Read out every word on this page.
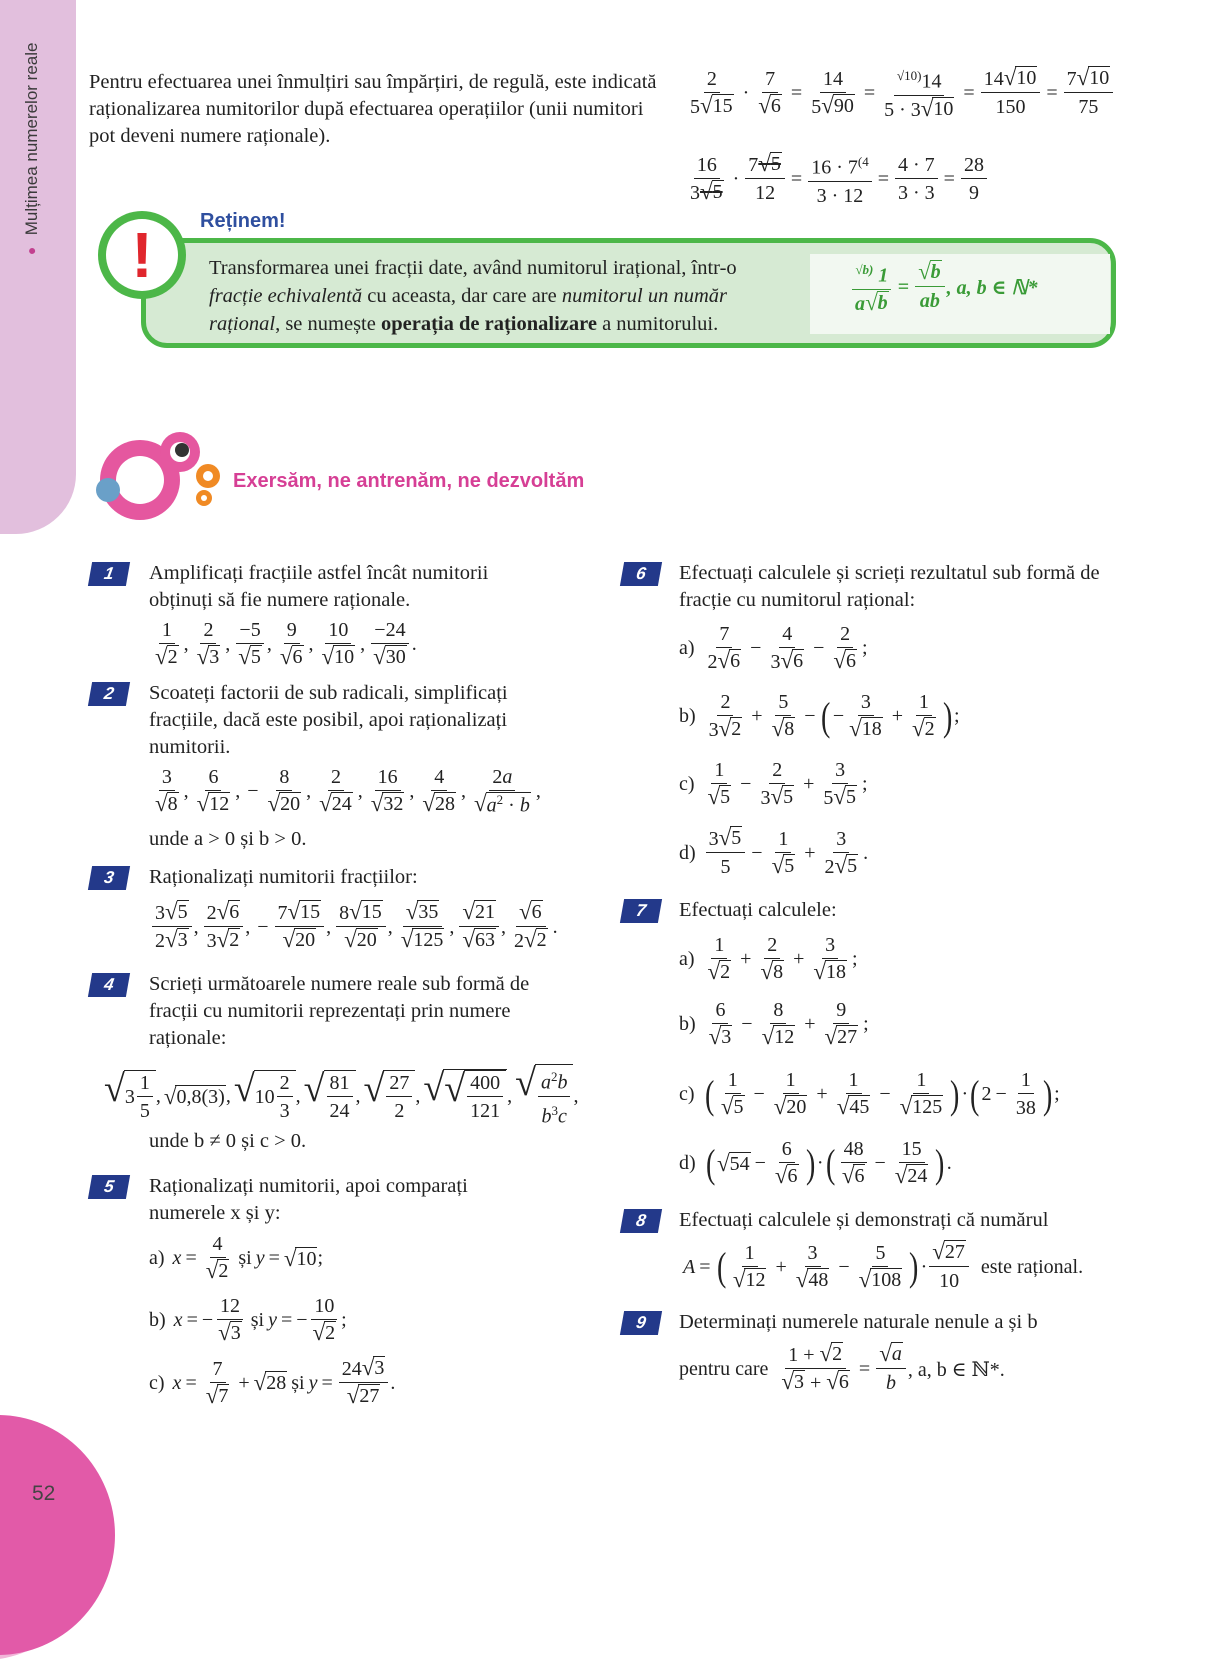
● Mulțimea numerelor reale
52
Pentru efectuarea unei înmulțiri sau împărțiri, de regulă, este indicată raționalizarea numitorilor după efectuarea operațiilor (unii numitori pot deveni numere raționale).
2
5 √ 15
· $\frac{7}{√ 6} = \frac{14}{5 √ 90} = \frac{^{√10)}14}{5 \cdot 3 √ 10} = \frac{14 √ 10}{150} = \frac{7 √ 10}{75}$
16
3 √ 5
· $\frac{7 √ 5}{12} = \frac{16 \cdot 7^{(4}}{3 \cdot 12} = \frac{4 \cdot 7}{3 \cdot 3} = \frac{28}{9}$
Reținem!
!	Transformarea unei fracții date, având numitorul irațional, într-o fracție echivalentă cu aceasta, dar care are numitorul un număr rațional, se numește operația de raționalizare a numitorului.
$\frac{^{√b)} 1}{a √ b} = \frac{√ b}{ab}$ , a, b ∈ ℕ*
Exersăm, ne antrenăm, ne dezvoltăm
1	Amplificați fracțiile astfel încât numitorii obținuți să fie numere raționale.
1
√ 2
,
2
√ 3
,
−5
√ 5
,
9
√ 6
,
10
√ 10
,
−24
√ 30
.
2	Scoateți factorii de sub radicali, simplificați fracțiile, dacă este posibil, apoi raționalizați numitorii.
3
√ 8
,
6
√ 12
, − $\frac{8}{√ 20}$ ,
2
√ 24
,
16
√ 32
,
4
√ 28
,
2a
√ $a^2 \cdot b$
,
unde a > 0 și b > 0.
3	Raționalizați numitorii fracțiilor:
3 √ 5
2 √ 3
,
2 √ 6
3 √ 2
, − $\frac{7 √ 15}{√ 20}$ ,
8 √ 15
√ 20
,
√ 35
√ 125
,
√ 21
√ 63
,
√ 6
2 √ 2
.
4	Scrieți următoarele numere reale sub formă de fracții cu numitorii reprezentați prin numere raționale:
√ 3
1
5
, √ 0,8(3) , √ 10
2
3
, √ $\frac{81}{24}$ , √ $\frac{27}{2}$ , √ √ $\frac{400}{121}$ , √ $\frac{a^2b}{b^3c}$ ,
unde b ≠ 0 și c > 0.
5	Raționalizați numitorii, apoi comparați numerele x și y:
a) $x = \frac{4}{√ 2}$ și y = √ 10 ;
b) x = − $\frac{12}{√ 3}$ și y = − $\frac{10}{√ 2}$ ;
c) $x = \frac{7}{√ 7}$ + √ 28 și $y = \frac{24 √ 3}{√ 27}$ .
6	Efectuați calculele și scrieți rezultatul sub formă de fracție cu numitorul rațional:
a)
7
2 √ 6
− $\frac{4}{3 √ 6} - \frac{2}{√ 6}$ ;
b)
2
3 √ 2
+ $\frac{5}{√ 8}$ − ( − $\frac{3}{√ 18} + \frac{1}{√ 2}$ ) ;
c)
1
√ 5
− $\frac{2}{3 √ 5} + \frac{3}{5 √ 5}$ ;
d)
3 √ 5
5
− $\frac{1}{√ 5} + \frac{3}{2 √ 5}$ .
7	Efectuați calculele:
a)
1
√ 2
+ $\frac{2}{√ 8} + \frac{3}{√ 18}$ ;
b)
6
√ 3
− $\frac{8}{√ 12} + \frac{9}{√ 27}$ ;
c) ( 1
√ 5
− $\frac{1}{√ 20} + \frac{1}{√ 45} - \frac{1}{√ 125}$ ) · ( $2 - \frac{1}{38}$ ) ;
d) ( √ $54 - \frac{6}{√ 6}$ ) · ( 48
√ 6
− $\frac{15}{√ 24}$ ) .
8	Efectuați calculele și demonstrați că numărul
A = ( 1
√ 12
+ $\frac{3}{√ 48} - \frac{5}{√ 108}$ ) ·
√ 27
10
este rațional.
9	Determinați numerele naturale nenule a și b
pentru care $\frac{1 + √ 2}{√ 3 + √ 6} = \frac{√ a}{b}$ , a, b ∈ ℕ*.
